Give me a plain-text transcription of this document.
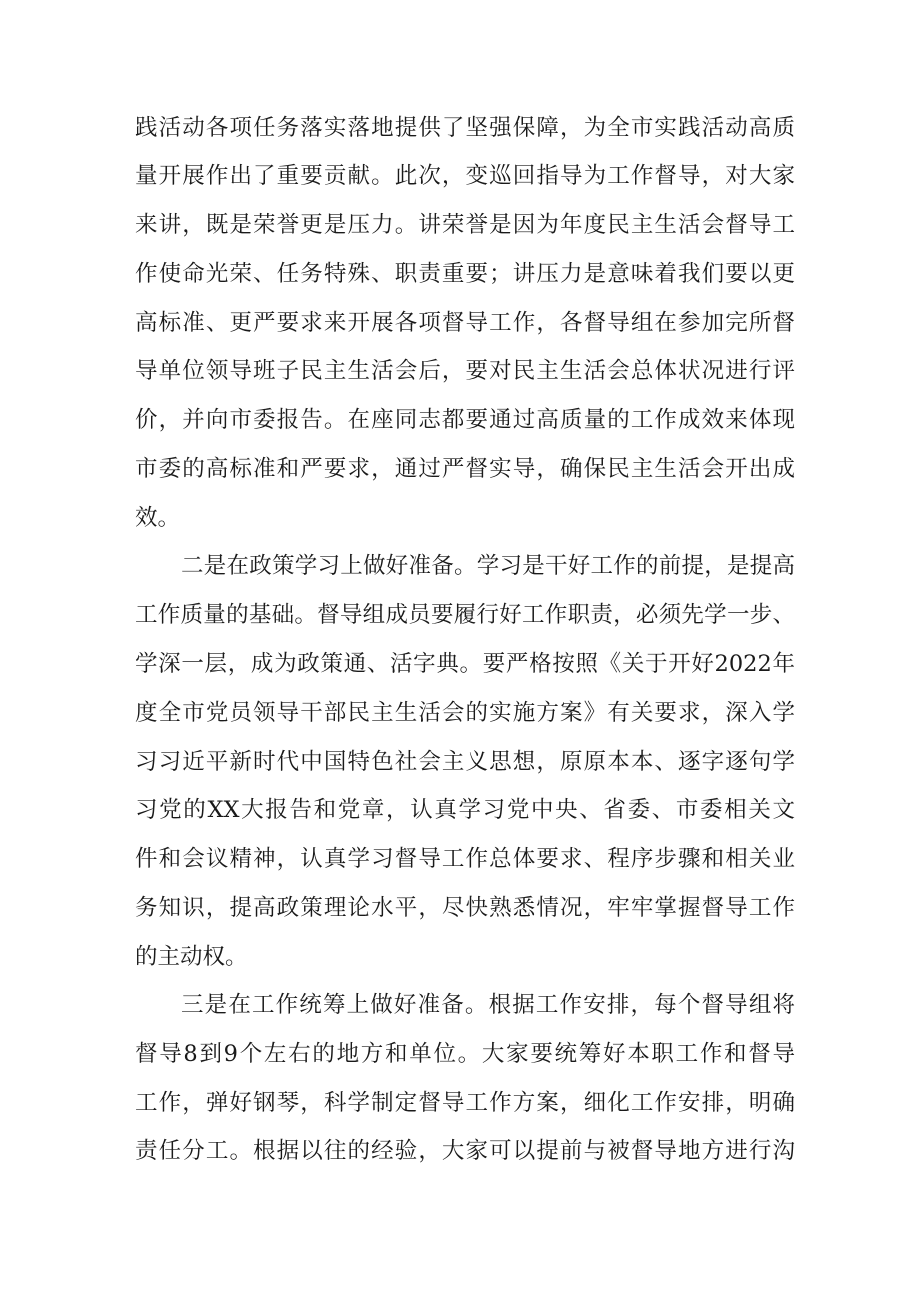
践活动各项任务落实落地提供了坚强保障，为全市实践活动高质
量开展作出了重要贡献。此次，变巡回指导为工作督导，对大家
来讲，既是荣誉更是压力。讲荣誉是因为年度民主生活会督导工
作使命光荣、任务特殊、职责重要；讲压力是意味着我们要以更
高标准、更严要求来开展各项督导工作，各督导组在参加完所督
导单位领导班子民主生活会后，要对民主生活会总体状况进行评
价，并向市委报告。在座同志都要通过高质量的工作成效来体现
市委的高标准和严要求，通过严督实导，确保民主生活会开出成
效。
二是在政策学习上做好准备。学习是干好工作的前提，是提高
工作质量的基础。督导组成员要履行好工作职责，必须先学一步、
学深一层，成为政策通、活字典。要严格按照《关于开好2022年
度全市党员领导干部民主生活会的实施方案》有关要求，深入学
习习近平新时代中国特色社会主义思想，原原本本、逐字逐句学
习党的XX大报告和党章，认真学习党中央、省委、市委相关文
件和会议精神，认真学习督导工作总体要求、程序步骤和相关业
务知识，提高政策理论水平，尽快熟悉情况，牢牢掌握督导工作
的主动权。
三是在工作统筹上做好准备。根据工作安排，每个督导组将
督导8到9个左右的地方和单位。大家要统筹好本职工作和督导
工作，弹好钢琴，科学制定督导工作方案，细化工作安排，明确
责任分工。根据以往的经验，大家可以提前与被督导地方进行沟
